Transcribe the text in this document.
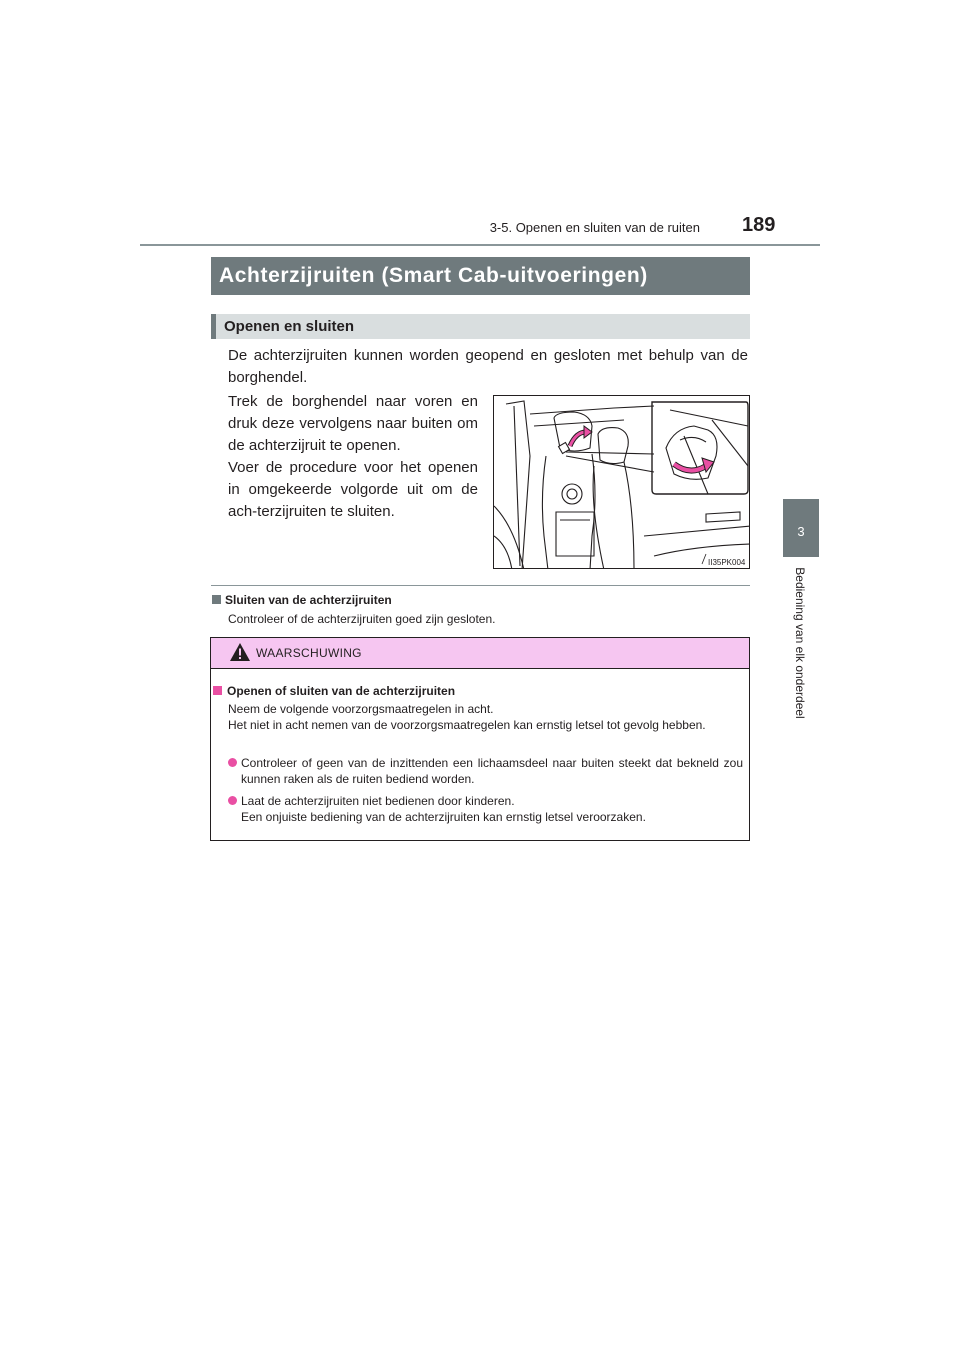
3-5. Openen en sluiten van de ruiten 189
3
Bediening van elk onderdeel
Achterzijruiten (Smart Cab-uitvoeringen)
Openen en sluiten
De achterzijruiten kunnen worden geopend en gesloten met behulp van de borghendel.
Trek de borghendel naar voren en druk deze vervolgens naar buiten om de achterzijruit te openen.
Voer de procedure voor het openen in omgekeerde volgorde uit om de ach-terzijruiten te sluiten.
II35PK004
Sluiten van de achterzijruiten
Controleer of de achterzijruiten goed zijn gesloten.
WAARSCHUWING
Openen of sluiten van de achterzijruiten
Neem de volgende voorzorgsmaatregelen in acht.
Het niet in acht nemen van de voorzorgsmaatregelen kan ernstig letsel tot gevolg hebben.
Controleer of geen van de inzittenden een lichaamsdeel naar buiten steekt dat bekneld zou kunnen raken als de ruiten bediend worden.
Laat de achterzijruiten niet bedienen door kinderen.
Een onjuiste bediening van de achterzijruiten kan ernstig letsel veroorzaken.
